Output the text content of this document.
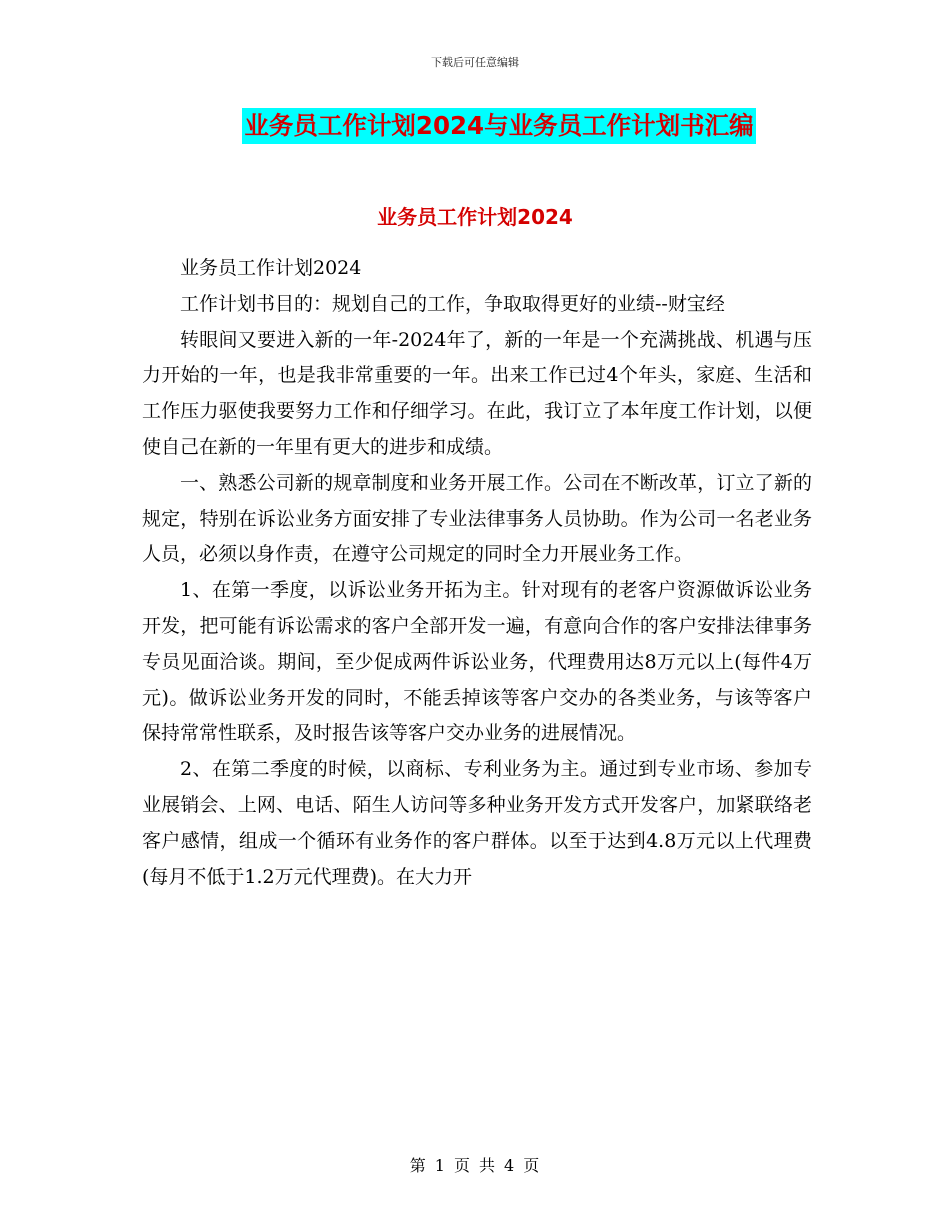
下载后可任意编辑
业务员工作计划2024与业务员工作计划书汇编
业务员工作计划2024

业务员工作计划2024

工作计划书目的：规划自己的工作，争取取得更好的业绩--财宝经

转眼间又要进入新的一年-2024年了，新的一年是一个充满挑战、机遇与压力开始的一年，也是我非常重要的一年。出来工作已过4个年头，家庭、生活和工作压力驱使我要努力工作和仔细学习。在此，我订立了本年度工作计划，以便使自己在新的一年里有更大的进步和成绩。

一、熟悉公司新的规章制度和业务开展工作。公司在不断改革，订立了新的规定，特别在诉讼业务方面安排了专业法律事务人员协助。作为公司一名老业务人员，必须以身作责，在遵守公司规定的同时全力开展业务工作。

1、在第一季度，以诉讼业务开拓为主。针对现有的老客户资源做诉讼业务开发，把可能有诉讼需求的客户全部开发一遍，有意向合作的客户安排法律事务专员见面洽谈。期间，至少促成两件诉讼业务，代理费用达8万元以上(每件4万元)。做诉讼业务开发的同时，不能丢掉该等客户交办的各类业务，与该等客户保持常常性联系，及时报告该等客户交办业务的进展情况。

2、在第二季度的时候，以商标、专利业务为主。通过到专业市场、参加专业展销会、上网、电话、陌生人访问等多种业务开发方式开发客户，加紧联络老客户感情，组成一个循环有业务作的客户群体。以至于达到4.8万元以上代理费(每月不低于1.2万元代理费)。在大力开

第 1 页 共 4 页
